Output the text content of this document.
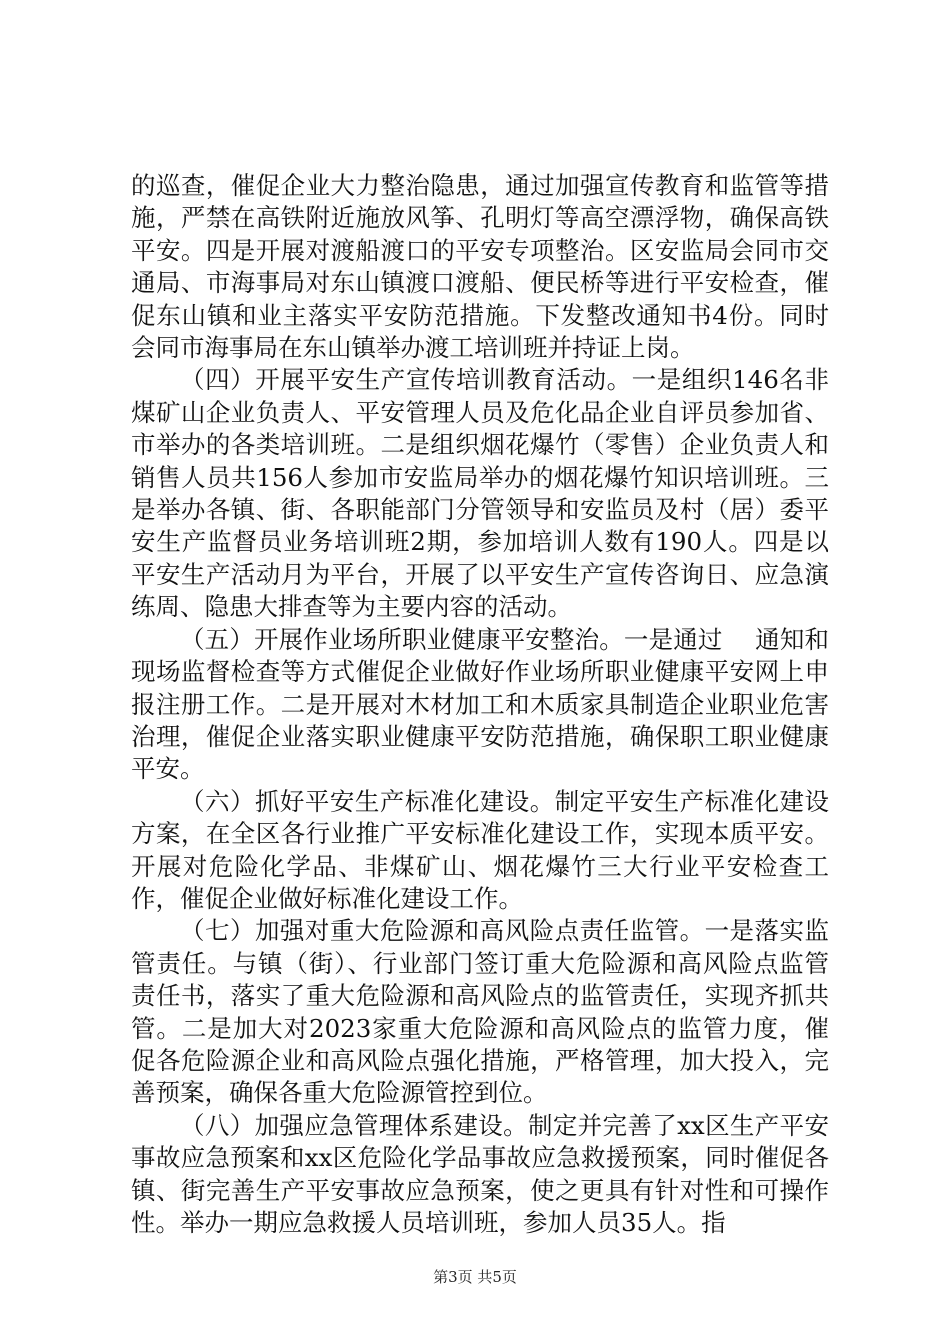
的巡查，催促企业大力整治隐患，通过加强宣传教育和监管等措施，严禁在高铁附近施放风筝、孔明灯等高空漂浮物，确保高铁平安。四是开展对渡船渡口的平安专项整治。区安监局会同市交通局、市海事局对东山镇渡口渡船、便民桥等进行平安检查，催促东山镇和业主落实平安防范措施。下发整改通知书4份。同时会同市海事局在东山镇举办渡工培训班并持证上岗。

（四）开展平安生产宣传培训教育活动。一是组织146名非煤矿山企业负责人、平安管理人员及危化品企业自评员参加省、市举办的各类培训班。二是组织烟花爆竹（零售）企业负责人和销售人员共156人参加市安监局举办的烟花爆竹知识培训班。三是举办各镇、街、各职能部门分管领导和安监员及村（居）委平安生产监督员业务培训班2期，参加培训人数有190人。四是以平安生产活动月为平台，开展了以平安生产宣传咨询日、应急演练周、隐患大排查等为主要内容的活动。

（五）开展作业场所职业健康平安整治。一是通过　 通知和现场监督检查等方式催促企业做好作业场所职业健康平安网上申报注册工作。二是开展对木材加工和木质家具制造企业职业危害治理，催促企业落实职业健康平安防范措施，确保职工职业健康平安。

（六）抓好平安生产标准化建设。制定平安生产标准化建设方案，在全区各行业推广平安标准化建设工作，实现本质平安。开展对危险化学品、非煤矿山、烟花爆竹三大行业平安检查工作，催促企业做好标准化建设工作。

（七）加强对重大危险源和高风险点责任监管。一是落实监管责任。与镇（街）、行业部门签订重大危险源和高风险点监管责任书，落实了重大危险源和高风险点的监管责任，实现齐抓共管。二是加大对2023家重大危险源和高风险点的监管力度，催促各危险源企业和高风险点强化措施，严格管理，加大投入，完善预案，确保各重大危险源管控到位。

（八）加强应急管理体系建设。制定并完善了xx区生产平安事故应急预案和xx区危险化学品事故应急救援预案，同时催促各镇、街完善生产平安事故应急预案，使之更具有针对性和可操作性。举办一期应急救援人员培训班，参加人员35人。指

第3页 共5页
